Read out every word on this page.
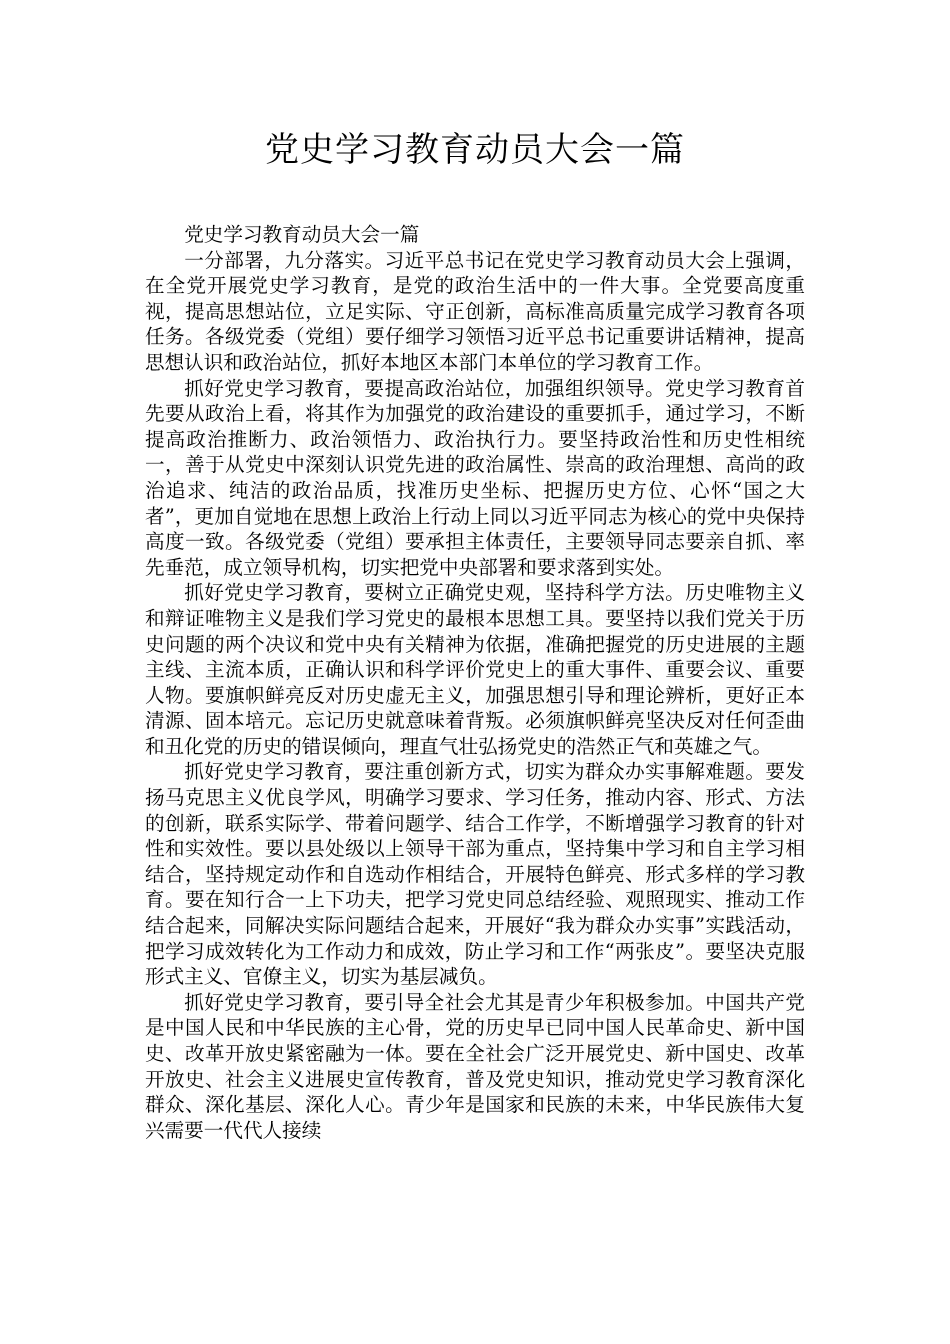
党史学习教育动员大会一篇

党史学习教育动员大会一篇

一分部署，九分落实。习近平总书记在党史学习教育动员大会上强调，在全党开展党史学习教育，是党的政治生活中的一件大事。全党要高度重视，提高思想站位，立足实际、守正创新，高标准高质量完成学习教育各项任务。各级党委（党组）要仔细学习领悟习近平总书记重要讲话精神，提高思想认识和政治站位，抓好本地区本部门本单位的学习教育工作。

抓好党史学习教育，要提高政治站位，加强组织领导。党史学习教育首先要从政治上看，将其作为加强党的政治建设的重要抓手，通过学习，不断提高政治推断力、政治领悟力、政治执行力。要坚持政治性和历史性相统一，善于从党史中深刻认识党先进的政治属性、崇高的政治理想、高尚的政治追求、纯洁的政治品质，找准历史坐标、把握历史方位、心怀“国之大者”，更加自觉地在思想上政治上行动上同以习近平同志为核心的党中央保持高度一致。各级党委（党组）要承担主体责任，主要领导同志要亲自抓、率先垂范，成立领导机构，切实把党中央部署和要求落到实处。

抓好党史学习教育，要树立正确党史观，坚持科学方法。历史唯物主义和辩证唯物主义是我们学习党史的最根本思想工具。要坚持以我们党关于历史问题的两个决议和党中央有关精神为依据，准确把握党的历史进展的主题主线、主流本质，正确认识和科学评价党史上的重大事件、重要会议、重要人物。要旗帜鲜亮反对历史虚无主义，加强思想引导和理论辨析，更好正本清源、固本培元。忘记历史就意味着背叛。必须旗帜鲜亮坚决反对任何歪曲和丑化党的历史的错误倾向，理直气壮弘扬党史的浩然正气和英雄之气。

抓好党史学习教育，要注重创新方式，切实为群众办实事解难题。要发扬马克思主义优良学风，明确学习要求、学习任务，推动内容、形式、方法的创新，联系实际学、带着问题学、结合工作学，不断增强学习教育的针对性和实效性。要以县处级以上领导干部为重点，坚持集中学习和自主学习相结合，坚持规定动作和自选动作相结合，开展特色鲜亮、形式多样的学习教育。要在知行合一上下功夫，把学习党史同总结经验、观照现实、推动工作结合起来，同解决实际问题结合起来，开展好“我为群众办实事”实践活动，把学习成效转化为工作动力和成效，防止学习和工作“两张皮”。要坚决克服形式主义、官僚主义，切实为基层减负。

抓好党史学习教育，要引导全社会尤其是青少年积极参加。中国共产党是中国人民和中华民族的主心骨，党的历史早已同中国人民革命史、新中国史、改革开放史紧密融为一体。要在全社会广泛开展党史、新中国史、改革开放史、社会主义进展史宣传教育，普及党史知识，推动党史学习教育深化群众、深化基层、深化人心。青少年是国家和民族的未来，中华民族伟大复兴需要一代代人接续
